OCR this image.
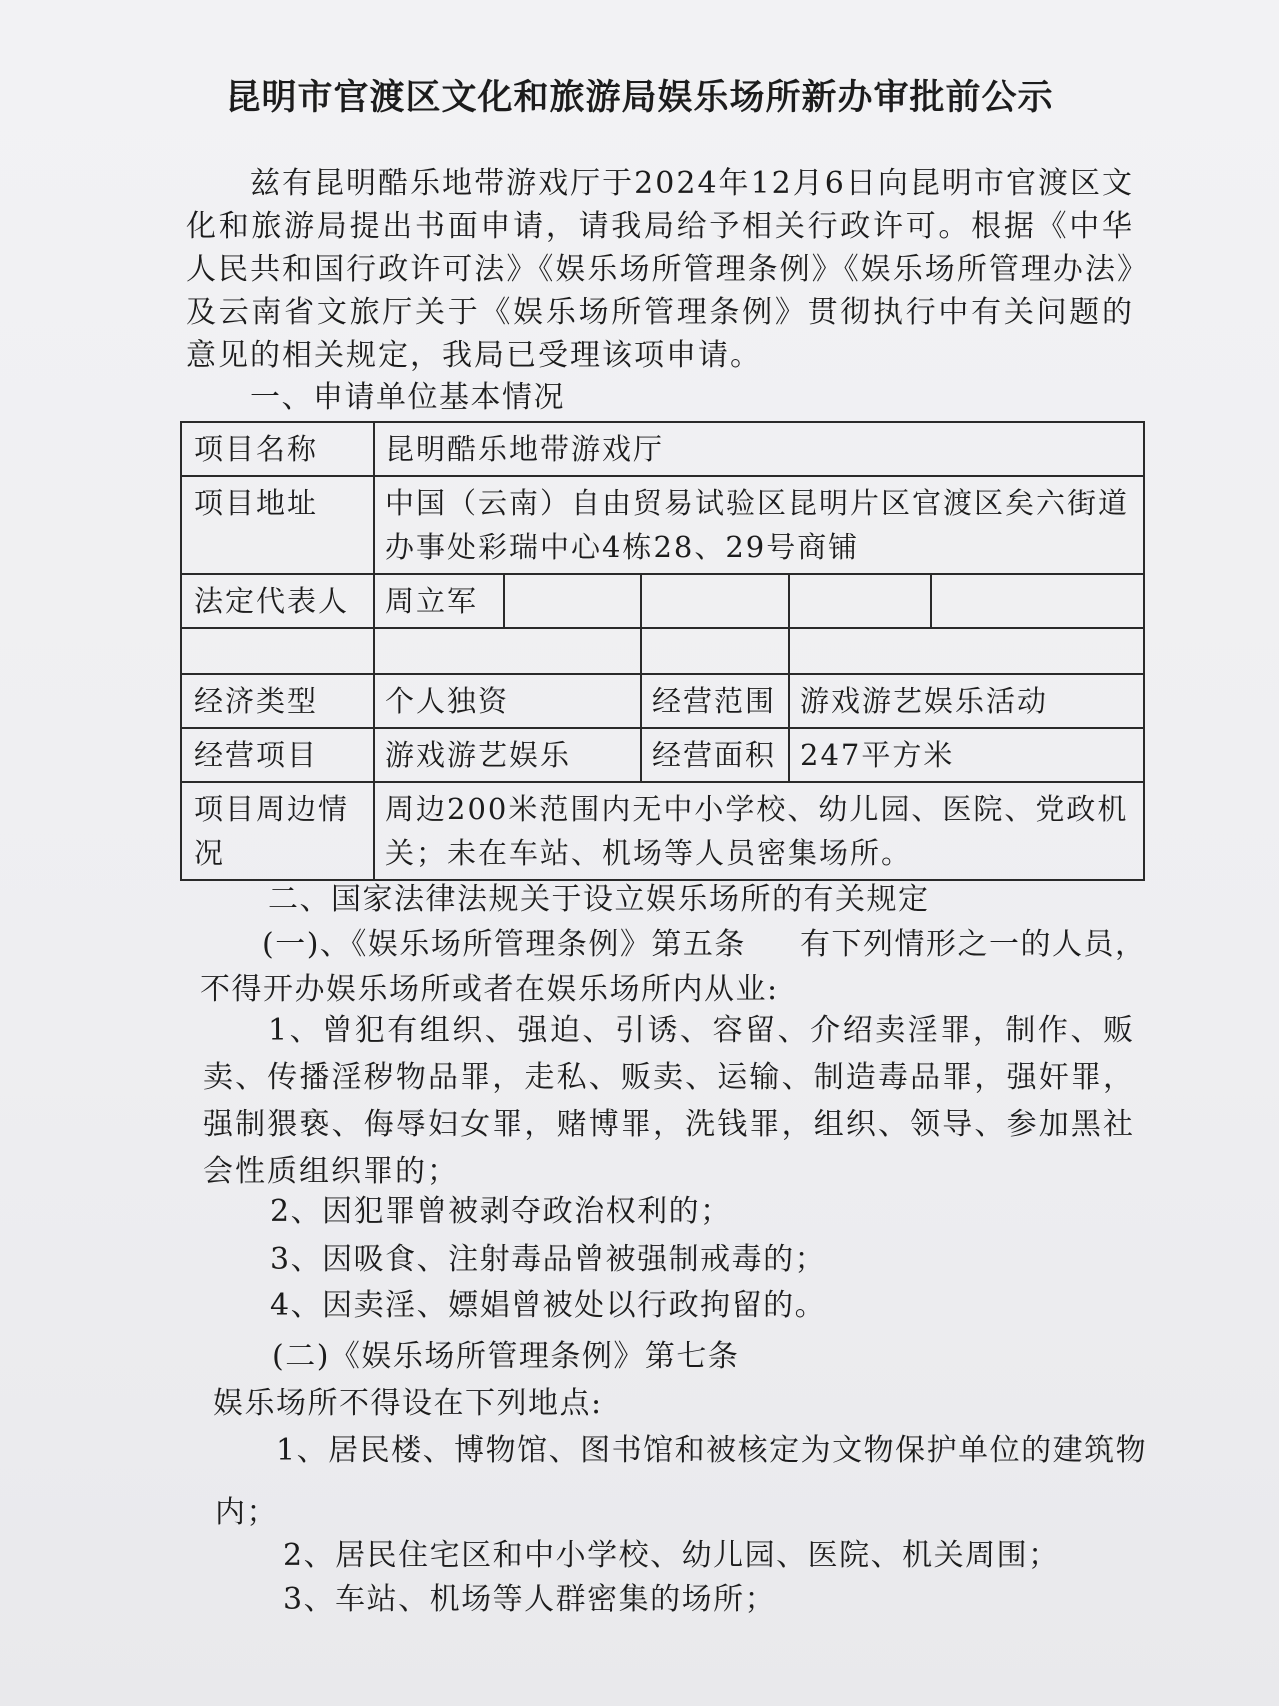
昆明市官渡区文化和旅游局娱乐场所新办审批前公示
兹有昆明酷乐地带游戏厅于2024年12月6日向昆明市官渡区文化和旅游局提出书面申请，请我局给予相关行政许可。根据《中华人民共和国行政许可法》《娱乐场所管理条例》《娱乐场所管理办法》及云南省文旅厅关于《娱乐场所管理条例》贯彻执行中有关问题的意见的相关规定，我局已受理该项申请。
一、申请单位基本情况
项目名称	昆明酷乐地带游戏厅				
项目地址	中国（云南）自由贸易试验区昆明片区官渡区矣六街道办事处彩瑞中心4栋28、29号商铺				
法定代表人	周立军				

经济类型	个人独资		经营范围	游戏游艺娱乐活动	
经营项目	游戏游艺娱乐		经营面积	247平方米	
项目周边情况	周边200米范围内无中小学校、幼儿园、医院、党政机关；未在车站、机场等人员密集场所。				
二、国家法律法规关于设立娱乐场所的有关规定
(一)、《娱乐场所管理条例》第五条 有下列情形之一的人员，
不得开办娱乐场所或者在娱乐场所内从业:
1、曾犯有组织、强迫、引诱、容留、介绍卖淫罪，制作、贩卖、传播淫秽物品罪，走私、贩卖、运输、制造毒品罪，强奸罪，强制猥亵、侮辱妇女罪，赌博罪，洗钱罪，组织、领导、参加黑社会性质组织罪的；
2、因犯罪曾被剥夺政治权利的；
3、因吸食、注射毒品曾被强制戒毒的；
4、因卖淫、嫖娼曾被处以行政拘留的。
(二)《娱乐场所管理条例》第七条
娱乐场所不得设在下列地点:
1、居民楼、博物馆、图书馆和被核定为文物保护单位的建筑物
内；
2、居民住宅区和中小学校、幼儿园、医院、机关周围；
3、车站、机场等人群密集的场所；
